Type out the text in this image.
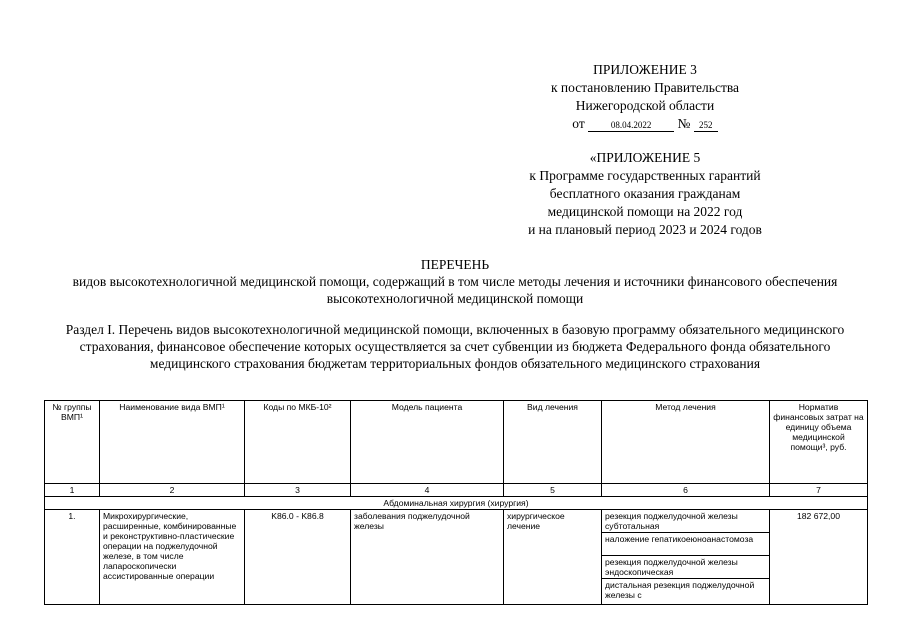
ПРИЛОЖЕНИЕ 3
к постановлению Правительства
Нижегородской области
от	08.04.2022 № 252
«ПРИЛОЖЕНИЕ 5
к Программе государственных гарантий
бесплатного оказания гражданам
медицинской помощи на 2022 год
и на плановый период 2023 и 2024 годов
ПЕРЕЧЕНЬ
видов высокотехнологичной медицинской помощи, содержащий в том числе методы лечения и источники финансового обеспечения высокотехнологичной медицинской помощи
Раздел I. Перечень видов высокотехнологичной медицинской помощи, включенных в базовую программу обязательного медицинского страхования, финансовое обеспечение которых осуществляется за счет субвенции из бюджета Федерального фонда обязательного медицинского страхования бюджетам территориальных фондов обязательного медицинского страхования
№ группы ВМП¹	Наименование вида ВМП¹	Коды по МКБ-10²	Модель пациента	Вид лечения	Метод лечения	Норматив финансовых затрат на единицу объема медицинской помощи³, руб.
1	2	3	4	5	6	7
Абдоминальная хирургия (хирургия)						
1.	Микрохирургические, расширенные, комбинированные и реконструктивно-пластические операции на поджелудочной железе, в том числе лапароскопически ассистированные операции	K86.0 - K86.8	заболевания поджелудочной железы	хирургическое лечение	резекция поджелудочной железы субтотальная
наложение гепатикоеюноанастомоза
резекция поджелудочной железы эндоскопическая
дистальная резекция поджелудочной железы с	182 672,00
